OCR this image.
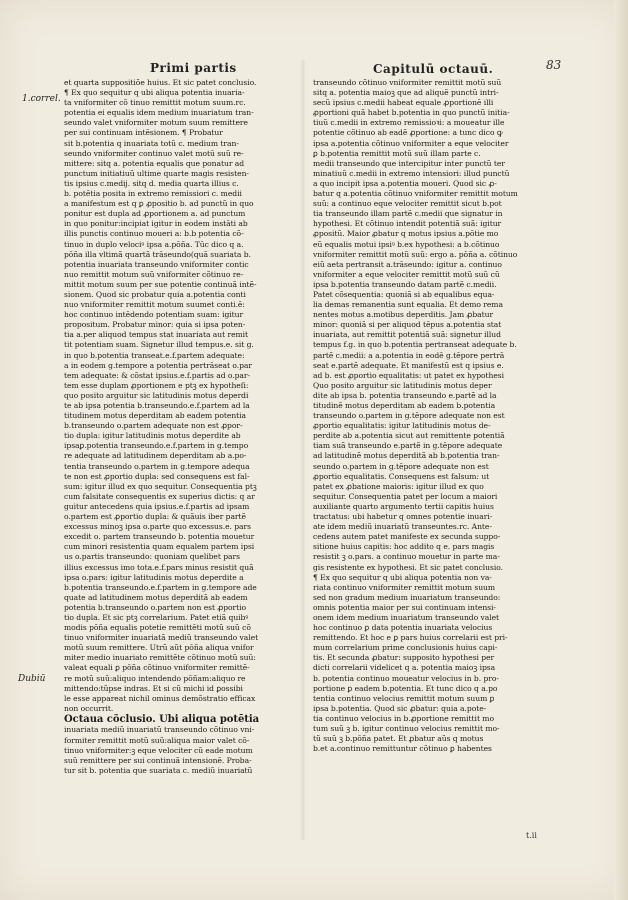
Primi partis	Capitulū octauū.	83
1.correl.
Dubiū
et quarta suppositiõe huius. Et sic patet conclusio.
¶ Ex quo sequitur q ubi aliqua potentia inuaria-
ta vniformiter cõ tinuo remittit motum suum.rc.
potentia ei equalis idem medium inuariatum tran-
seundo valet vniformiter motum suum remittere
per sui continuam intēsionem. ¶ Probatur
sit b.potentia q inuariata totũ c. medium tran-
seundo vniformiter continuo valet motū suũ re-
mittere: sitq a. potentia equalis que ponatur ad
punctum initiatiuũ ultime quarte magis resisten-
tis ipsius c.medij. sitq d. media quarta illius c.
b. potētia posita in extremo remissiori c. medii
a manifestum est q ꝑ ꝓpositio b. ad punctũ in quo
ponitur est dupla ad ꝓportionem a. ad punctum
in quo ponitur:incipiat igitur in eodem instāti ab
illis punctis continuo moueri a: b.b potentia cõ-
tinuo in duplo velociꝰ ipsa a.pōña. Tūc dico q a.
pōña illa vltimã quartã trāseundo(quã suariata b.
potentia inuariata transeundo vniformiter contic
nuo remittit motum suũ vniformiter cõtinuo re-
mittit motum suum per sue potentie continuã intẽ-
sionem. Quod sic probatur quia a.potentia conti
nuo vniformiter remittit motum suumet conti.ē:
hoc continuo intēdendo potentiam suam: igitur
propositum. Probatur minor: quia si ipsa poten-
tia a.per aliquod tempus stat inuariata aut remit
tit potentiam suam. Signetur illud tempus.e. sit g.
in quo b.potentia transeat.e.f.partem adequate:
a in eodem g.tempore a potentia pertrāseat o.par
tem adequate: & cõstat ipsius.e.f.partis ad o.par-
tem esse duplam ꝓportionem e ptꝫ ex hypotheſi:
quo posito arguitur sic latitudinis motus deperdi
te ab ipsa potentia b.transeundo.e.f.partem ad la
titudinem motus deperditam ab eadem potentia
b.transeundo o.partem adequate non est ꝓpor-
tio dupla: igitur latitudinis motus deperdite ab
ipsaꝑ.potentia transeundo.e.f.partem in g.tempo
re adequate ad latitudinem deperditam ab a.po-
tentia transeundo o.partem in g.tempore adequa
te non est ꝓportio dupla: sed consequens est fal-
sum: igitur illud ex quo sequitur. Consequentia ptꝫ
cum falsitate consequentis ex superius dictis: q ar
guitur antecedens quia ipsius.e.f.partis ad ipsam
o.partem est ꝓportio dupla: & quãuis iber partẽ
excessus minoꝫ ipsa o.parte quo excessus.e. pars
excedit o. partem transeundo b. potentia mouetur
cum minori resistentia quam equalem partem ipsi
us o.partis transeundo: quoniam quelibet pars
illius excessus imo tota.e.f.pars minus resistit quã
ipsa o.pars: igitur latitudinis motus deperdite a
b.potentia transeundo.e.f.partem in g.tempore ade
quate ad latitudinem motus deperditã ab eadem
potentia b.transeundo o.partem non est ꝓportio
tio dupla. Et sic ptꝫ correlarium. Patet etiã quibꝰ
modis pōña equalis potetie remittēti motũ suũ cõ
tinuo vniformiter inuariatã mediũ transeundo valet
motũ suum remittere. Utrũ aũt pōña aliqua vnifor
miter medio inuariato remittēte cõtinuo motũ suũ:
valeat equali ꝑ pōña cõtinuo vniformiter remittẽ-
re motũ suũ:aliquo intendendo pōñam:aliquo re
mittendo:tũpse indras. Et si cũ michi id ꝑossibi
le esse appareat nichil ominus demõstratio efficax
non occurrit.
Octaua cõclusio. Ubi aliqua potētia
inuariata mediũ inuariatũ transeundo cõtinuo vni-
formiter remittit motũ suũ:aliqua maior valet cõ-
tinuo vniformiter:ꝫ eque velociter cũ eade motum
suũ remittere per sui continuã intensionē. Proba-
tur sit b. potentia que suariata c. mediũ inuariatũ
transeundo cõtinuo vniformiter remittit motũ suũ
sitq a. potentia maioꝫ que ad aliquẽ punctũ intri-
secũ ipsius c.medii habeat equale ꝓportionē illi
ꝓportioni quã habet b.potentia in quo punctũ initia-
tiuũ c.medii in extremo remissioꝛi: a moueatur ille
potentie cõtinuo ab eadẽ ꝓportione: a tunc dico ꝙ
ipsa a.potentia cõtinuo vniformiter a eque velociter
ꝑ b.potentia remittit motũ suũ illam parte c.
medii transeundo que intercipitur inter punctũ ter
minatiuũ c.medii in extremo intensiori: illud punctũ
a quo incipit ipsa a.potentia moueri. Quod sic ꝓ-
batur q a.potentia cõtinuo vniformiter remittit motum
suũ: a continuo eque velociter remittit sicut b.pot
tia transeundo illam partẽ c.medii que signatur in
hypothesi. Et cõtinuo intendit potentiã suã: igitur
ꝓpositũ. Maior ꝓbatur q motus ipsius a.pōtie mo
eũ equalis motui ipsiꝰ b.ex hypothesi: a b.cõtinuo
vniformiter remittit motũ suũ: ergo a. pōña a. cõtinuo
eiũ aeta pertransit a.trāseundo: igitur a. continuo
vniformiter a eque velociter remittit motũ suũ cũ
ipsa b.potentia transeundo datam partẽ c.medii.
Patet cõsequentia: quoniã si ab equalibus equa-
lia demas remanentia sunt equalia. Et demo rema
nentes motus a.motibus deperditis. Jam ꝓbatur
minor: quoniã si per aliquod tēpus a.potentia stat
inuariata, aut remittit potentiã suã: signetur illud
tempus f.g. in quo b.potentia pertranseat adequate b.
partẽ c.medii: a a.potentia in eodē g.tēpore pertrā
seat e.partẽ adequate. Et manifestũ est q ipsius e.
ad b. est ꝓportio equalitatis: ut patet ex hypothesi
Quo posito arguitur sic latitudinis motus deper
dite ab ipsa b. potentia transeundo e.partẽ ad la
titudinẽ motus deperditam ab eadem b.potentia
transeundo o.partem in g.tēpore adequate non est
ꝓportio equalitatis: igitur latitudinis motus de-
perdite ab a.potentia sicut aut remittente potentiã
tiam suã transeundo e.partẽ in g.tēpore adequate
ad latitudinẽ motus deperditã ab b.potentia tran-
seundo o.partem in g.tēpore adequate non est
ꝓportio equalitatis. Consequens est falsum: ut
patet ex ꝓbatione maioris: igitur illud ex quo
sequitur. Consequentia patet per locum a maiori
auxiliante quarto argumento tertii capitis huius
tractatus: ubi habetur q omnes potentie inuari-
ate idem mediũ inuariatũ transeuntes.rc. Ante-
cedens autem patet manifeste ex secunda suppo-
sitione huius capitis: hoc addito q e. pars magis
resistit ꝫ o.pars. a continuo mouetur in parte ma-
gis resistente ex hypothesi. Et sic patet conclusio.
¶ Ex quo sequitur q ubi aliqua potentia non va-
riata continuo vniformiter remittit motum suum
sed non gradum medium inuariatum transeundo:
omnis potentia maior per sui continuam intensi-
onem idem medium inuariatum transeundo valet
hoc continuo ꝑ data potentia inuariata velocius
remittendo. Et hoc e ꝑ pars huius correlarii est pri-
mum correlarium prime conclusionis huius capi-
tis. Et secunda ꝓbatur: supposito hypothesi per
dicti correlarii videlicet q a. potentia maioꝫ ipsa
b. potentia continuo moueatur velocius in b. pro-
portione ꝑ eadem b.potentia. Et tunc dico q a.po
tentia continuo velocius remittit motum suum ꝑ
ipsa b.potentia. Quod sic ꝓbatur: quia a.pote-
tia continuo velocius in b.ꝓportione remittit mo
tum suũ ꝫ b. igitur continuo velocius remittit mo-
tũ suũ ꝫ b.pōña patet. Et ꝓbatur aũs q motus
b.et a.continuo remittuntur cõtinuo ꝑ habentes
t.ii
